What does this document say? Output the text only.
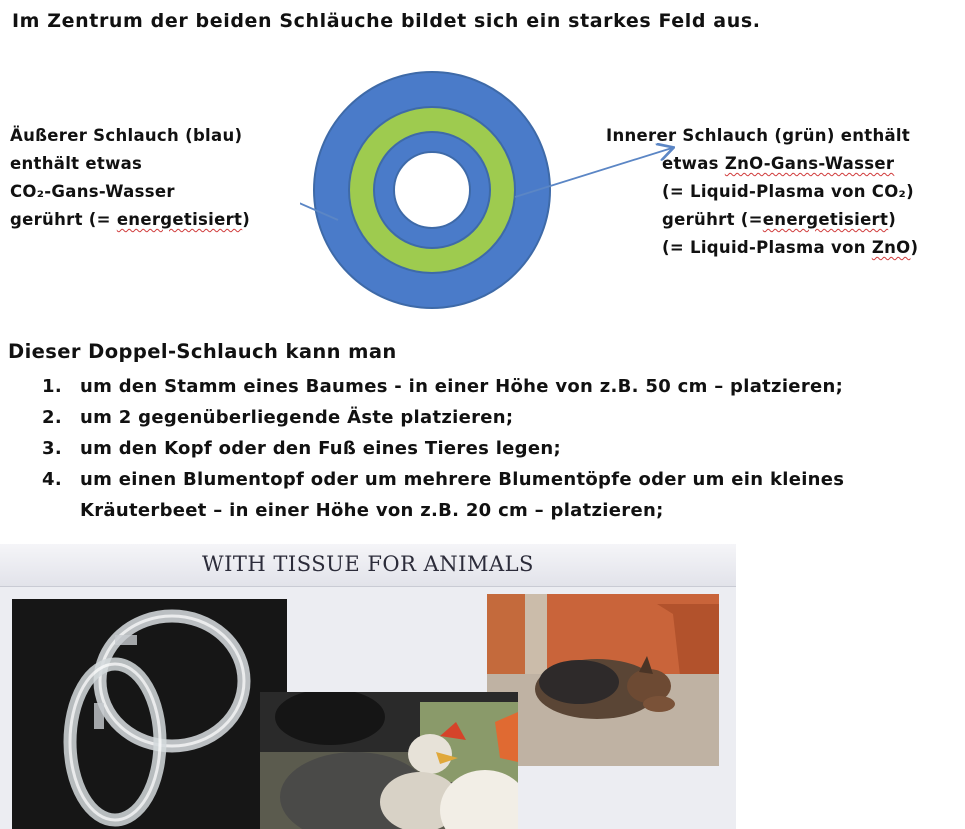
Im Zentrum der beiden Schläuche bildet sich ein starkes Feld aus.
Äußerer Schlauch (blau)
enthält etwas
CO₂-Gans-Wasser
gerührt (= energetisiert)
Innerer Schlauch (grün) enthält
etwas ZnO-Gans-Wasser
(= Liquid-Plasma von CO₂)
gerührt (=energetisiert)
(= Liquid-Plasma von ZnO)
Dieser Doppel-Schlauch kann man
1.	um den Stamm eines Baumes - in einer Höhe von z.B. 50 cm – platzieren;
2.	um 2 gegenüberliegende Äste platzieren;
3.	um den Kopf oder den Fuß eines Tieres legen;
4.	um einen Blumentopf oder um mehrere Blumentöpfe oder um ein kleines
Kräuterbeet – in einer Höhe von z.B. 20 cm – platzieren;
WITH TISSUE FOR ANIMALS
